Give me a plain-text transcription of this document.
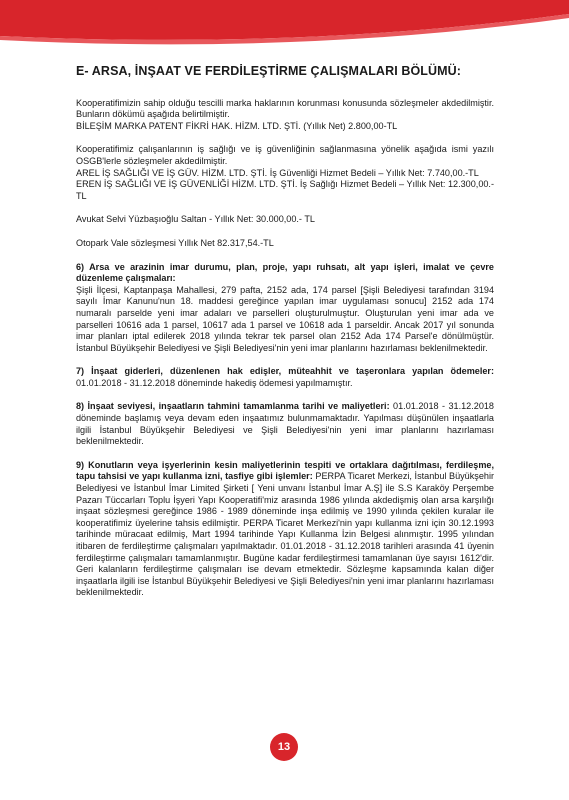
E- ARSA, İNŞAAT VE FERDİLEŞTİRME ÇALIŞMALARI BÖLÜMÜ:
Kooperatifimizin sahip olduğu tescilli marka haklarının korunması konusunda sözleşmeler akdedilmiştir. Bunların dökümü aşağıda belirtilmiştir.
BİLEŞİM MARKA PATENT FİKRİ HAK. HİZM. LTD. ŞTİ. (Yıllık Net) 2.800,00-TL
Kooperatifimiz çalışanlarının iş sağlığı ve iş güvenliğinin sağlanmasına yönelik aşağıda ismi yazılı OSGB'lerle sözleşmeler akdedilmiştir.
AREL İŞ SAĞLIĞI VE İŞ GÜV. HİZM. LTD. ŞTİ. İş Güvenliği Hizmet Bedeli – Yıllık Net: 7.740,00.-TL
EREN İŞ SAĞLIĞI VE İŞ GÜVENLİĞİ HİZM. LTD. ŞTİ. İş Sağlığı Hizmet Bedeli – Yıllık Net: 12.300,00.- TL
Avukat Selvi Yüzbaşıoğlu Saltan - Yıllık Net: 30.000,00.- TL
Otopark Vale sözleşmesi Yıllık Net 82.317,54.-TL
6) Arsa ve arazinin imar durumu, plan, proje, yapı ruhsatı, alt yapı işleri, imalat ve çevre düzenleme çalışmaları:
Şişli İlçesi, Kaptanpaşa Mahallesi, 279 pafta, 2152 ada, 174 parsel [Şişli Belediyesi tarafından 3194 sayılı İmar Kanunu'nun 18. maddesi gereğince yapılan imar uygulaması sonucu] 2152 ada 174 numaralı parselde yeni imar adaları ve parselleri oluşturulmuştur. Oluşturulan yeni imar ada ve parselleri 10616 ada 1 parsel, 10617 ada 1 parsel ve 10618 ada 1 parseldir. Ancak 2017 yıl sonunda imar planları iptal edilerek 2018 yılında tekrar tek parsel olan 2152 Ada 174 Parsel'e dönülmüştür. İstanbul Büyükşehir Belediyesi ve Şişli Belediyesi'nin yeni imar planlarını hazırlaması beklenilmektedir.
7) İnşaat giderleri, düzenlenen hak edişler, müteahhit ve taşeronlara yapılan ödemeler: 01.01.2018 - 31.12.2018 döneminde hakediş ödemesi yapılmamıştır.
8) İnşaat seviyesi, inşaatların tahmini tamamlanma tarihi ve maliyetleri: 01.01.2018 - 31.12.2018 döneminde başlamış veya devam eden inşaatımız bulunmamaktadır. Yapılması düşünülen inşaatlarla ilgili İstanbul Büyükşehir Belediyesi ve Şişli Belediyesi'nin yeni imar planlarını hazırlaması beklenilmektedir.
9) Konutların veya işyerlerinin kesin maliyetlerinin tespiti ve ortaklara dağıtılması, ferdileşme, tapu tahsisi ve yapı kullanma izni, tasfiye gibi işlemler: PERPA Ticaret Merkezi, İstanbul Büyükşehir Belediyesi ve İstanbul İmar Limited Şirketi [ Yeni unvanı İstanbul İmar A.Ş] ile S.S Karaköy Perşembe Pazarı Tüccarları Toplu İşyeri Yapı Kooperatifi'miz arasında 1986 yılında akdedişmiş olan arsa karşılığı inşaat sözleşmesi gereğince 1986 - 1989 döneminde inşa edilmiş ve 1990 yılında çekilen kuralar ile kooperatifimiz üyelerine tahsis edilmiştir. PERPA Ticaret Merkezi'nin yapı kullanma izni için 30.12.1993 tarihinde müracaat edilmiş, Mart 1994 tarihinde Yapı Kullanma İzin Belgesi alınmıştır. 1995 yılından itibaren de ferdileştirme çalışmaları yapılmaktadır. 01.01.2018 - 31.12.2018 tarihleri arasında 41 üyenin ferdileştirme çalışmaları tamamlanmıştır. Bugüne kadar ferdileştirmesi tamamlanan üye sayısı 1612'dir. Geri kalanların ferdileştirme çalışmaları ise devam etmektedir. Sözleşme kapsamında kalan diğer inşaatlarla ilgili ise İstanbul Büyükşehir Belediyesi ve Şişli Belediyesi'nin yeni imar planlarını hazırlaması beklenilmektedir.
13
